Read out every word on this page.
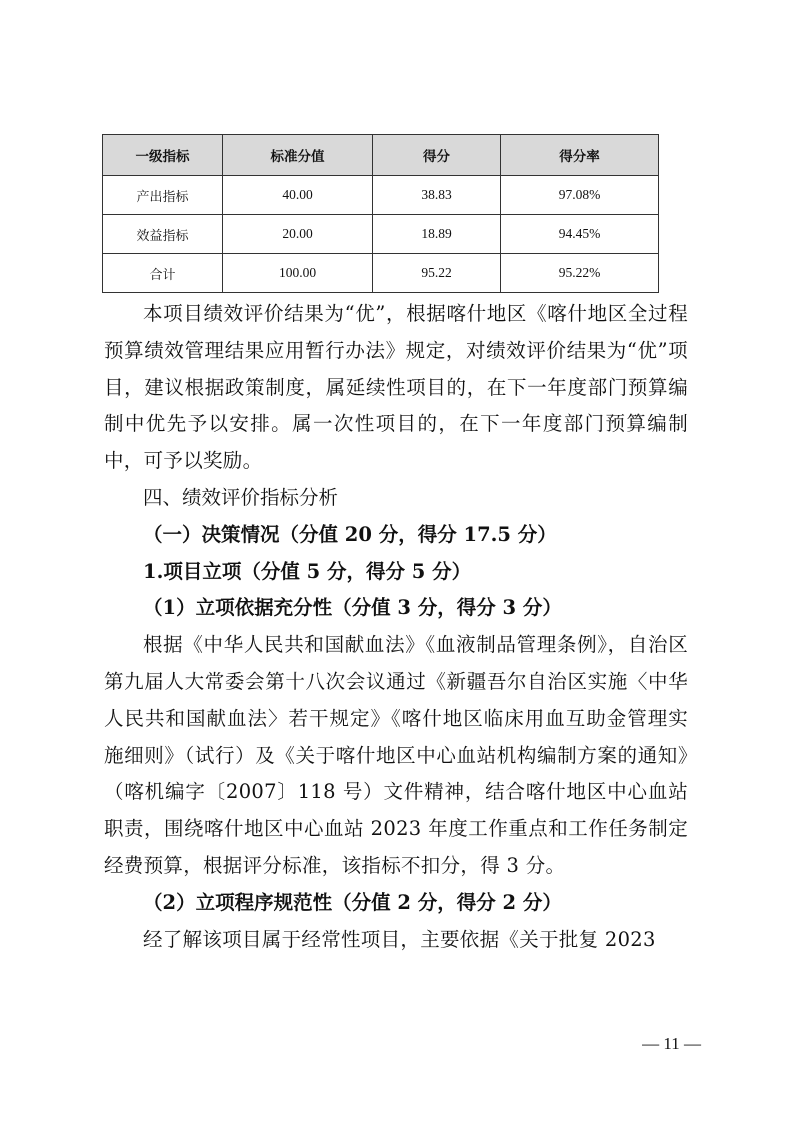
一级指标	标准分值	得分	得分率
产出指标	40.00	38.83	97.08%
效益指标	20.00	18.89	94.45%
合计	100.00	95.22	95.22%

本项目绩效评价结果为“优”，根据喀什地区《喀什地区全过程预算绩效管理结果应用暂行办法》规定，对绩效评价结果为“优”项目，建议根据政策制度，属延续性项目的，在下一年度部门预算编制中优先予以安排。属一次性项目的，在下一年度部门预算编制中，可予以奖励。

四、绩效评价指标分析

（一）决策情况（分值 20 分，得分 17.5 分）

1.项目立项（分值 5 分，得分 5 分）

（1）立项依据充分性（分值 3 分，得分 3 分）

根据《中华人民共和国献血法》《血液制品管理条例》，自治区第九届人大常委会第十八次会议通过《新疆吾尔自治区实施〈中华人民共和国献血法〉若干规定》《喀什地区临床用血互助金管理实施细则》（试行）及《关于喀什地区中心血站机构编制方案的通知》（喀机编字〔2007〕118 号）文件精神，结合喀什地区中心血站职责，围绕喀什地区中心血站 2023 年度工作重点和工作任务制定经费预算，根据评分标准，该指标不扣分，得 3 分。

（2）立项程序规范性（分值 2 分，得分 2 分）

经了解该项目属于经常性项目，主要依据《关于批复 2023

— 11 —
